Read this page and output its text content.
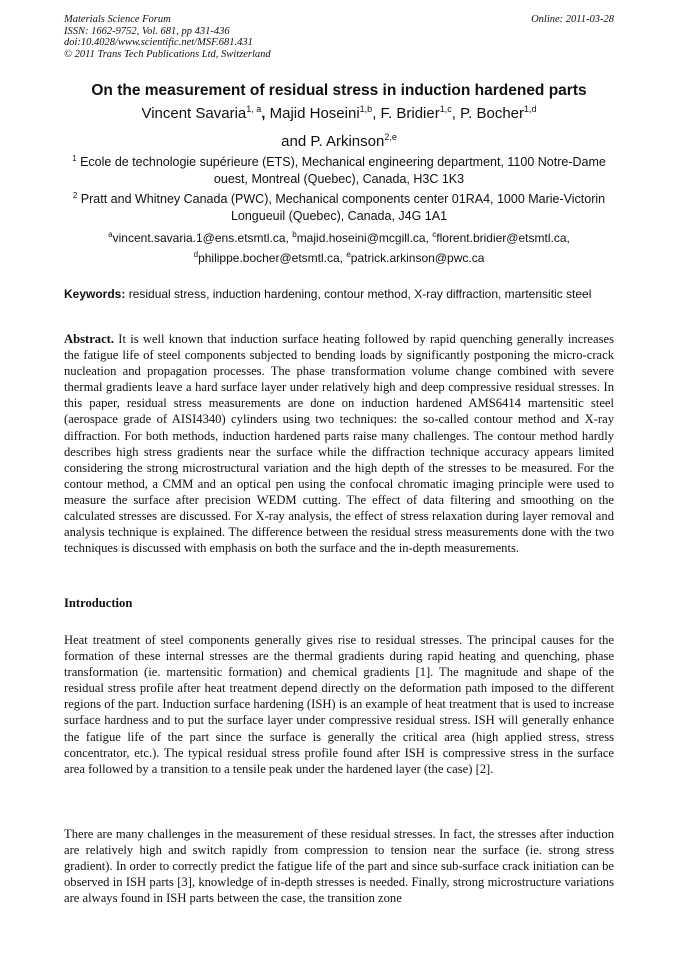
Materials Science Forum
ISSN: 1662-9752, Vol. 681, pp 431-436
doi:10.4028/www.scientific.net/MSF.681.431
© 2011 Trans Tech Publications Ltd, Switzerland
Online: 2011-03-28
On the measurement of residual stress in induction hardened parts
Vincent Savaria$^{1, a}$, Majid Hoseini$^{1,b}$, F. Bridier$^{1,c}$, P. Bocher$^{1,d}$
and P. Arkinson$^{2,e}$
$^1$ Ecole de technologie supérieure (ETS), Mechanical engineering department, 1100 Notre-Dame ouest, Montreal (Quebec), Canada, H3C 1K3
$^2$ Pratt and Whitney Canada (PWC), Mechanical components center 01RA4, 1000 Marie-Victorin Longueuil (Quebec), Canada, J4G 1A1
$^a$vincent.savaria.1@ens.etsmtl.ca, $^b$majid.hoseini@mcgill.ca, $^c$florent.bridier@etsmtl.ca,
$^d$philippe.bocher@etsmtl.ca, $^e$patrick.arkinson@pwc.ca
Keywords: residual stress, induction hardening, contour method, X-ray diffraction, martensitic steel

Abstract. It is well known that induction surface heating followed by rapid quenching generally increases the fatigue life of steel components subjected to bending loads by significantly postponing the micro-crack nucleation and propagation processes. The phase transformation volume change combined with severe thermal gradients leave a hard surface layer under relatively high and deep compressive residual stresses. In this paper, residual stress measurements are done on induction hardened AMS6414 martensitic steel (aerospace grade of AISI4340) cylinders using two techniques: the so-called contour method and X-ray diffraction. For both methods, induction hardened parts raise many challenges. The contour method hardly describes high stress gradients near the surface while the diffraction technique accuracy appears limited considering the strong microstructural variation and the high depth of the stresses to be measured. For the contour method, a CMM and an optical pen using the confocal chromatic imaging principle were used to measure the surface after precision WEDM cutting. The effect of data filtering and smoothing on the calculated stresses are discussed. For X-ray analysis, the effect of stress relaxation during layer removal and analysis technique is explained. The difference between the residual stress measurements done with the two techniques is discussed with emphasis on both the surface and the in-depth measurements.

Introduction

Heat treatment of steel components generally gives rise to residual stresses. The principal causes for the formation of these internal stresses are the thermal gradients during rapid heating and quenching, phase transformation (ie. martensitic formation) and chemical gradients [1]. The magnitude and shape of the residual stress profile after heat treatment depend directly on the deformation path imposed to the different regions of the part. Induction surface hardening (ISH) is an example of heat treatment that is used to increase surface hardness and to put the surface layer under compressive residual stress. ISH will generally enhance the fatigue life of the part since the surface is generally the critical area (high applied stress, stress concentrator, etc.). The typical residual stress profile found after ISH is compressive stress in the surface area followed by a transition to a tensile peak under the hardened layer (the case) [2].

There are many challenges in the measurement of these residual stresses. In fact, the stresses after induction are relatively high and switch rapidly from compression to tension near the surface (ie. strong stress gradient). In order to correctly predict the fatigue life of the part and since sub-surface crack initiation can be observed in ISH parts [3], knowledge of in-depth stresses is needed. Finally, strong microstructure variations are always found in ISH parts between the case, the transition zone
